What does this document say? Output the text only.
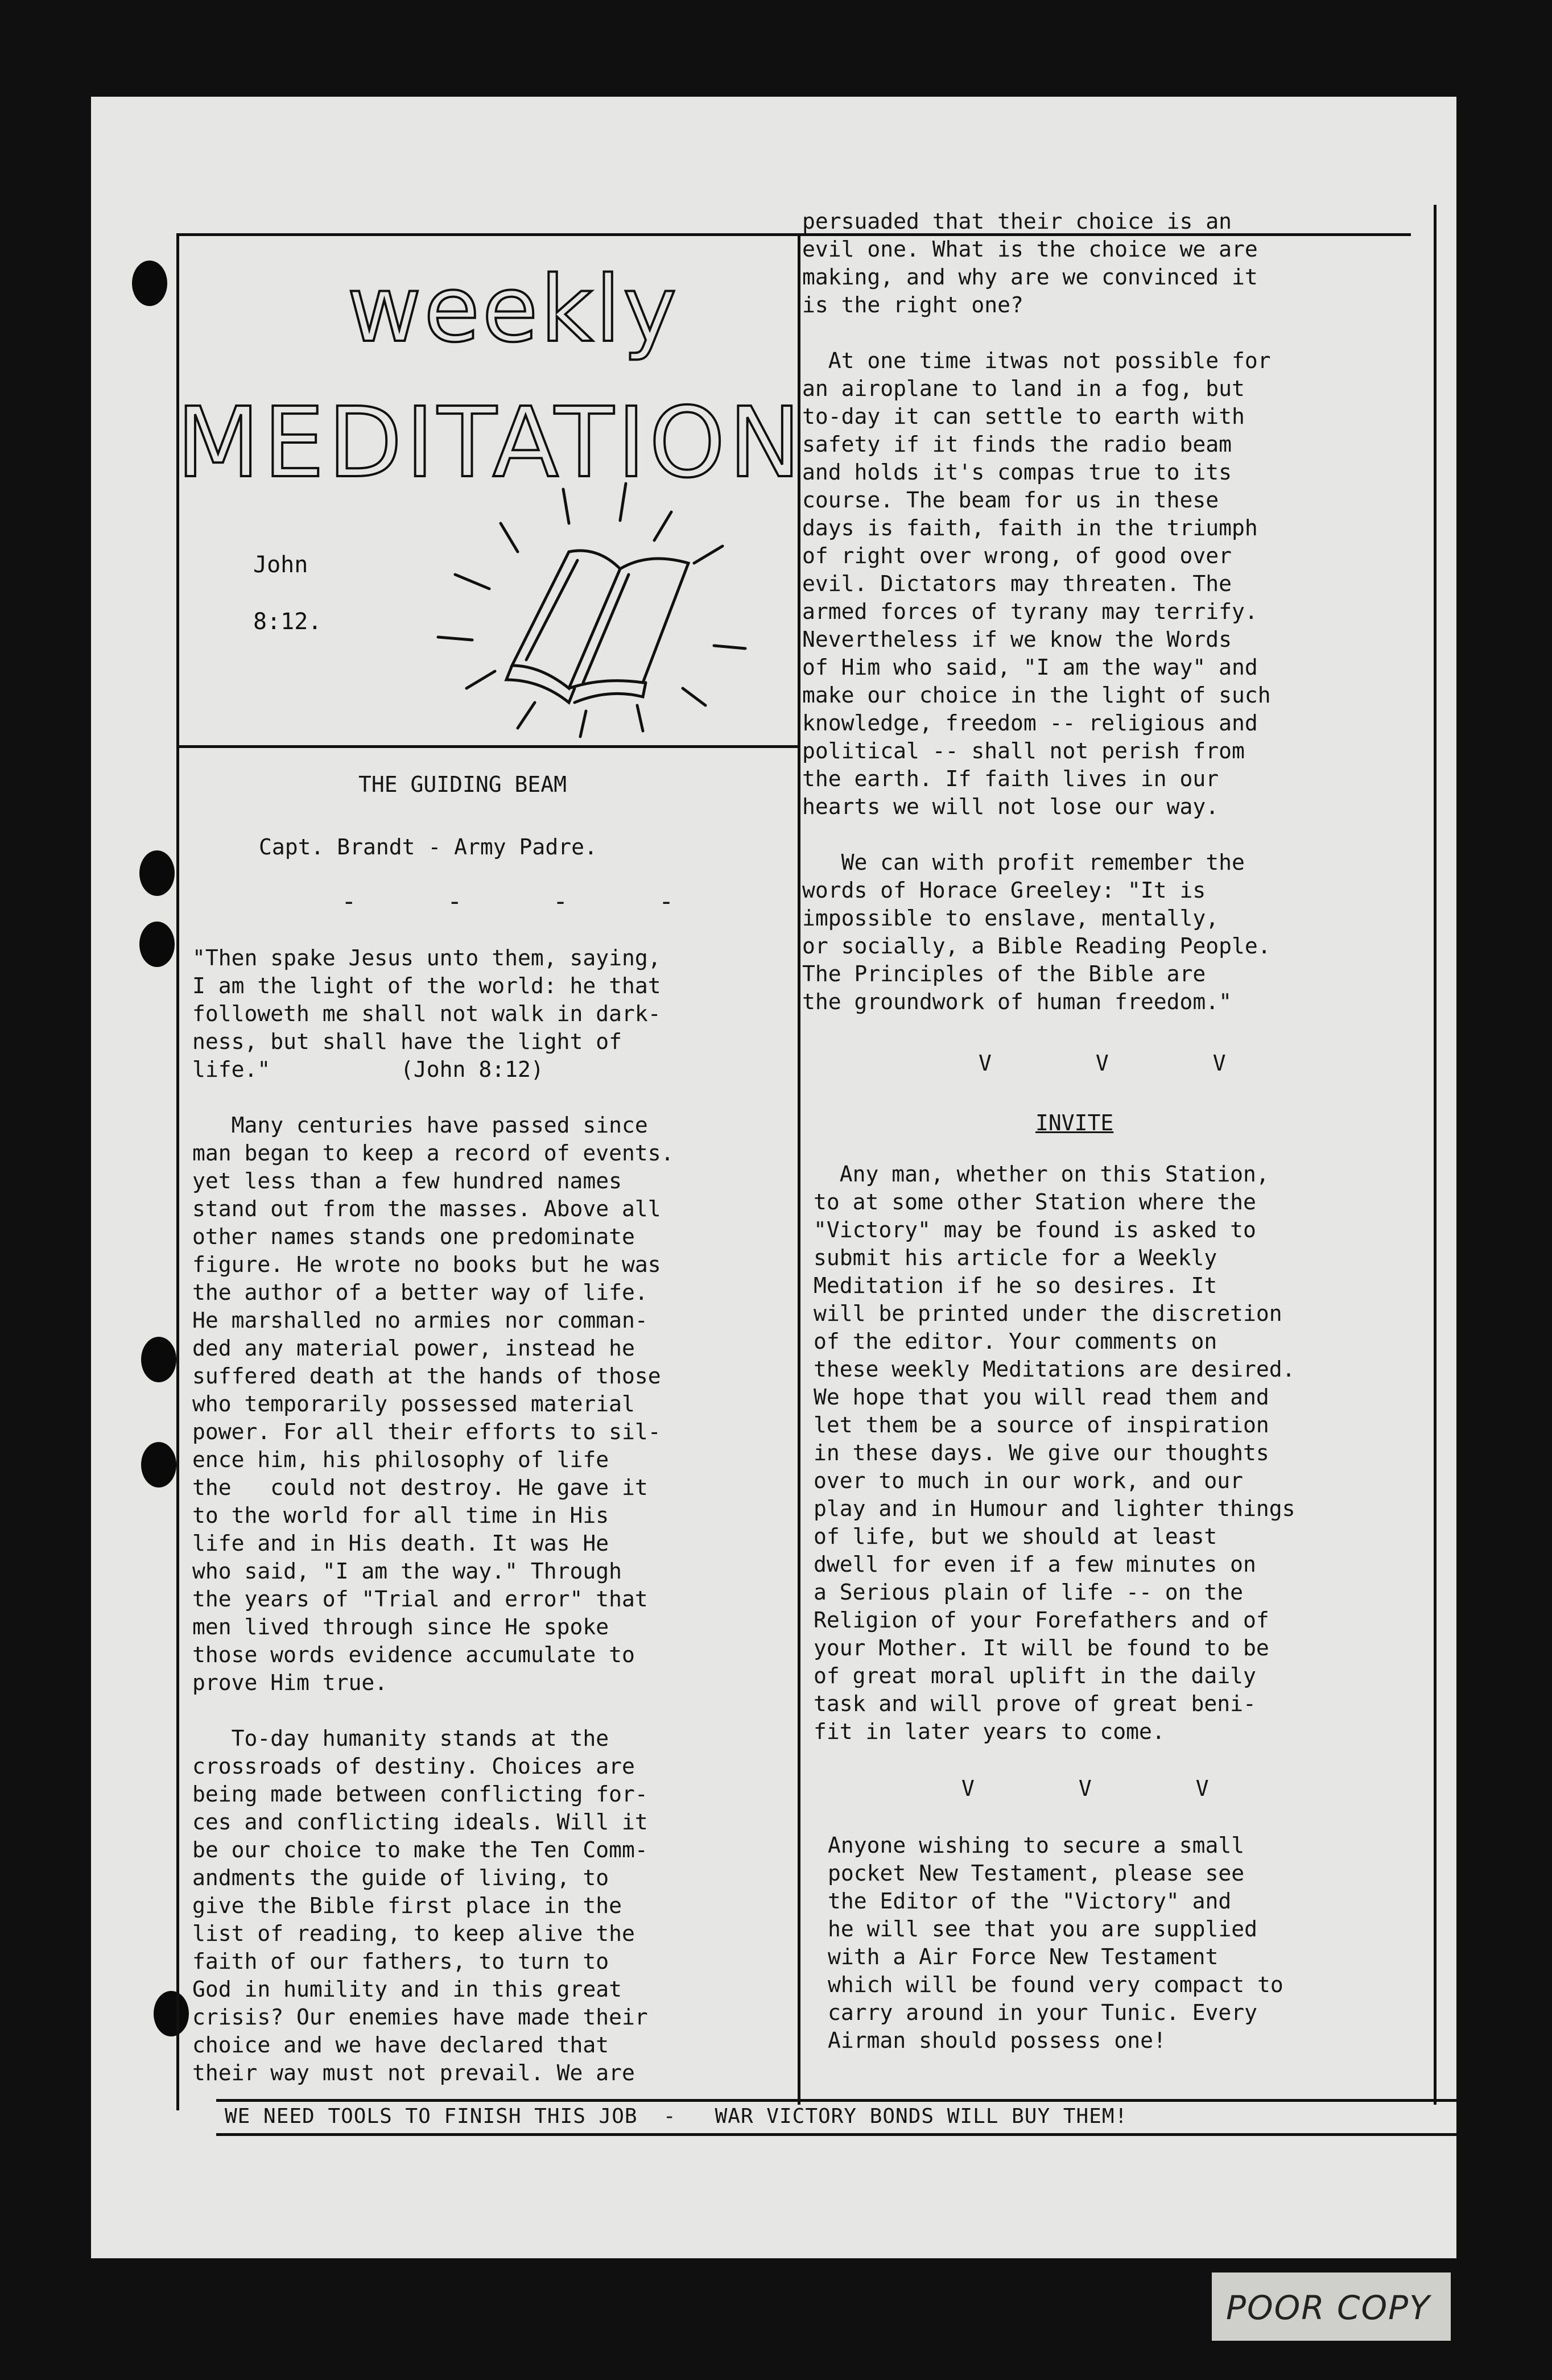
weekly
MEDITATION
John
8:12.
THE GUIDING BEAM
Capt. Brandt - Army Padre.
-   -   -   -
"Then spake Jesus unto them, saying,
I am the light of the world: he that
followeth me shall not walk in dark-
ness, but shall have the light of
life."          (John 8:12)

Many centuries have passed since
man began to keep a record of events.
yet less than a few hundred names
stand out from the masses. Above all
other names stands one predominate
figure. He wrote no books but he was
the author of a better way of life.
He marshalled no armies nor comman-
ded any material power, instead he
suffered death at the hands of those
who temporarily possessed material
power. For all their efforts to sil-
ence him, his philosophy of life
the   could not destroy. He gave it
to the world for all time in His
life and in His death. It was He
who said, "I am the way." Through
the years of "Trial and error" that
men lived through since He spoke
those words evidence accumulate to
prove Him true.

To-day humanity stands at the
crossroads of destiny. Choices are
being made between conflicting for-
ces and conflicting ideals. Will it
be our choice to make the Ten Comm-
andments the guide of living, to
give the Bible first place in the
list of reading, to keep alive the
faith of our fathers, to turn to
God in humility and in this great
crisis? Our enemies have made their
choice and we have declared that
their way must not prevail. We are
persuaded that their choice is an
evil one. What is the choice we are
making, and why are we convinced it
is the right one?

At one time itwas not possible for
an airoplane to land in a fog, but
to-day it can settle to earth with
safety if it finds the radio beam
and holds it's compas true to its
course. The beam for us in these
days is faith, faith in the triumph
of right over wrong, of good over
evil. Dictators may threaten. The
armed forces of tyrany may terrify.
Nevertheless if we know the Words
of Him who said, "I am the way" and
make our choice in the light of such
knowledge, freedom -- religious and
political -- shall not perish from
the earth. If faith lives in our
hearts we will not lose our way.

We can with profit remember the
words of Horace Greeley: "It is
impossible to enslave, mentally,
or socially, a Bible Reading People.
The Principles of the Bible are
the groundwork of human freedom."
V        V        V
INVITE
Any man, whether on this Station,
to at some other Station where the
"Victory" may be found is asked to
submit his article for a Weekly
Meditation if he so desires. It
will be printed under the discretion
of the editor. Your comments on
these weekly Meditations are desired.
We hope that you will read them and
let them be a source of inspiration
in these days. We give our thoughts
over to much in our work, and our
play and in Humour and lighter things
of life, but we should at least
dwell for even if a few minutes on
a Serious plain of life -- on the
Religion of your Forefathers and of
your Mother. It will be found to be
of great moral uplift in the daily
task and will prove of great beni-
fit in later years to come.
V        V        V
Anyone wishing to secure a small
pocket New Testament, please see
the Editor of the "Victory" and
he will see that you are supplied
with a Air Force New Testament
which will be found very compact to
carry around in your Tunic. Every
Airman should possess one!
WE NEED TOOLS TO FINISH THIS JOB  -   WAR VICTORY BONDS WILL BUY THEM!
POOR COPY
